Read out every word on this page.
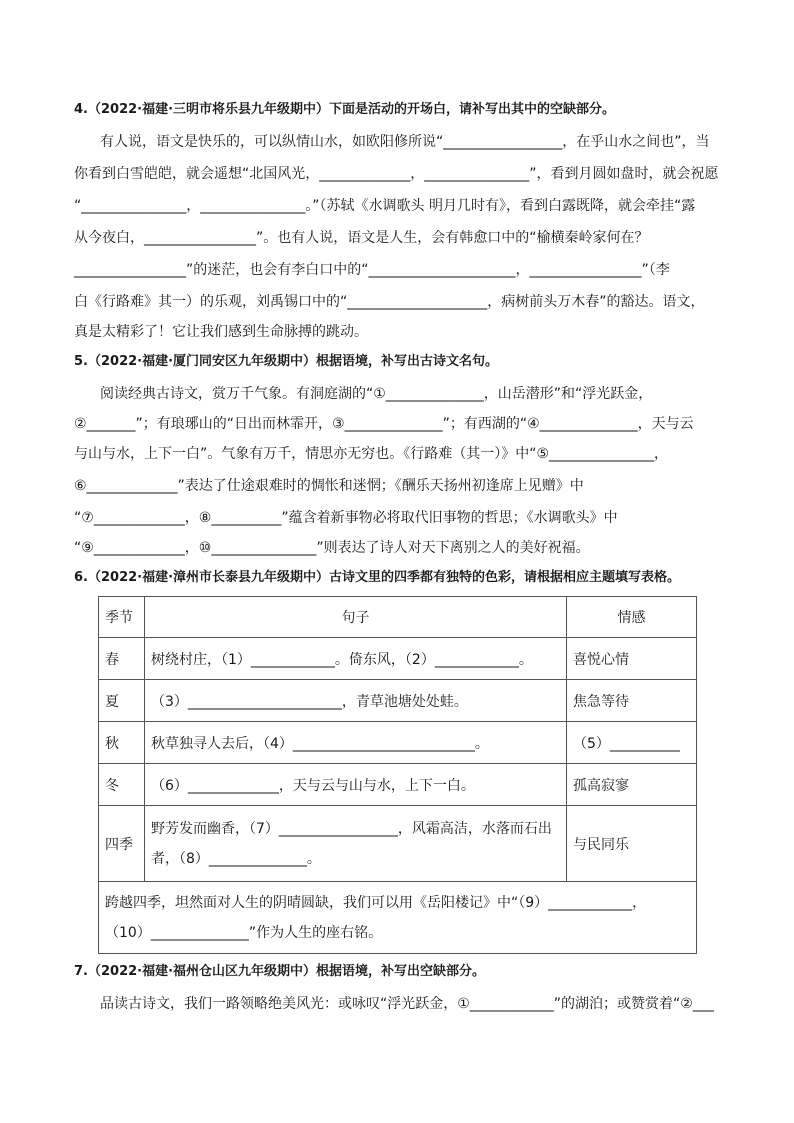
4.（2022·福建·三明市将乐县九年级期中）下面是活动的开场白，请补写出其中的空缺部分。

有人说，语文是快乐的，可以纵情山水，如欧阳修所说“_________________，在乎山水之间也”，当

你看到白雪皑皑，就会遥想“北国风光，_____________，_______________”，看到月圆如盘时，就会祝愿

“_______________，_______________。”（苏轼《水调歌头 明月几时有》，看到白露既降，就会牵挂“露

从今夜白，________________”。也有人说，语文是人生，会有韩愈口中的“榆横秦岭家何在？

________________”的迷茫，也会有李白口中的“_____________________，________________”（李

白《行路难》其一）的乐观，刘禹锡口中的“____________________，病树前头万木春”的豁达。语文，

真是太精彩了！它让我们感到生命脉搏的跳动。

5.（2022·福建·厦门同安区九年级期中）根据语境，补写出古诗文名句。

阅读经典古诗文，赏万千气象。有洞庭湖的“①______________，山岳潜形”和“浮光跃金，

②_______”；有琅琊山的“日出而林霏开，③______________”；有西湖的“④______________，天与云

与山与水，上下一白”。气象有万千，情思亦无穷也。《行路难（其一）》中“⑤_______________，

⑥_____________”表达了仕途艰难时的惆怅和迷惘；《酬乐天扬州初逢席上见赠》中

“⑦_____________，⑧__________”蕴含着新事物必将取代旧事物的哲思；《水调歌头》中

“⑨_____________，⑩_______________”则表达了诗人对天下离别之人的美好祝福。

6.（2022·福建·漳州市长泰县九年级期中）古诗文里的四季都有独特的色彩，请根据相应主题填写表格。

季节	句子	情感
春	树绕村庄，（1）____________。倚东风，（2）____________。	喜悦心情
夏	（3）______________________，青草池塘处处蛙。	焦急等待
秋	秋草独寻人去后，（4）__________________________。	（5）__________
冬	（6）_____________，天与云与山与水，上下一白。	孤高寂寥
四季	野芳发而幽香，（7）_________________，风霜高洁，水落而石出
者，（8）______________。	与民同乐

跨越四季，坦然面对人生的阴晴圆缺，我们可以用《岳阳楼记》中“（9）____________，
（10）______________”作为人生的座右铭。		

7.（2022·福建·福州仓山区九年级期中）根据语境，补写出空缺部分。

品读古诗文，我们一路领略绝美风光：或咏叹“浮光跃金，①____________”的湖泊；或赞赏着“②___
